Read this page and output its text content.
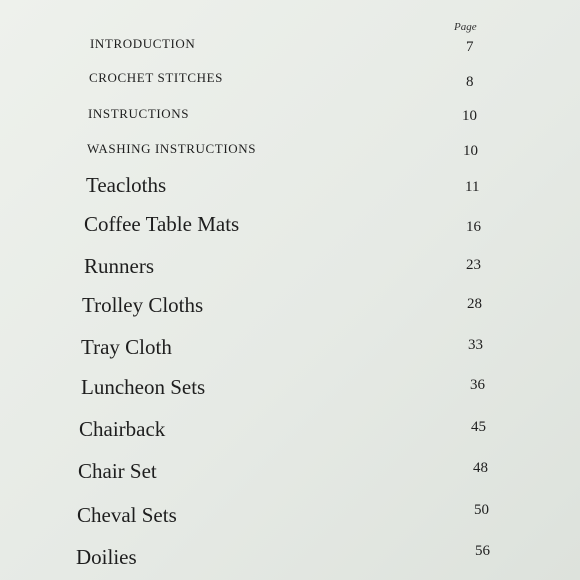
Page
INTRODUCTION	7
CROCHET STITCHES	8
INSTRUCTIONS	10
WASHING INSTRUCTIONS	10
Teacloths	11
Coffee Table Mats	16
Runners	23
Trolley Cloths	28
Tray Cloth	33
Luncheon Sets	36
Chairback	45
Chair Set	48
Cheval Sets	50
Doilies	56
